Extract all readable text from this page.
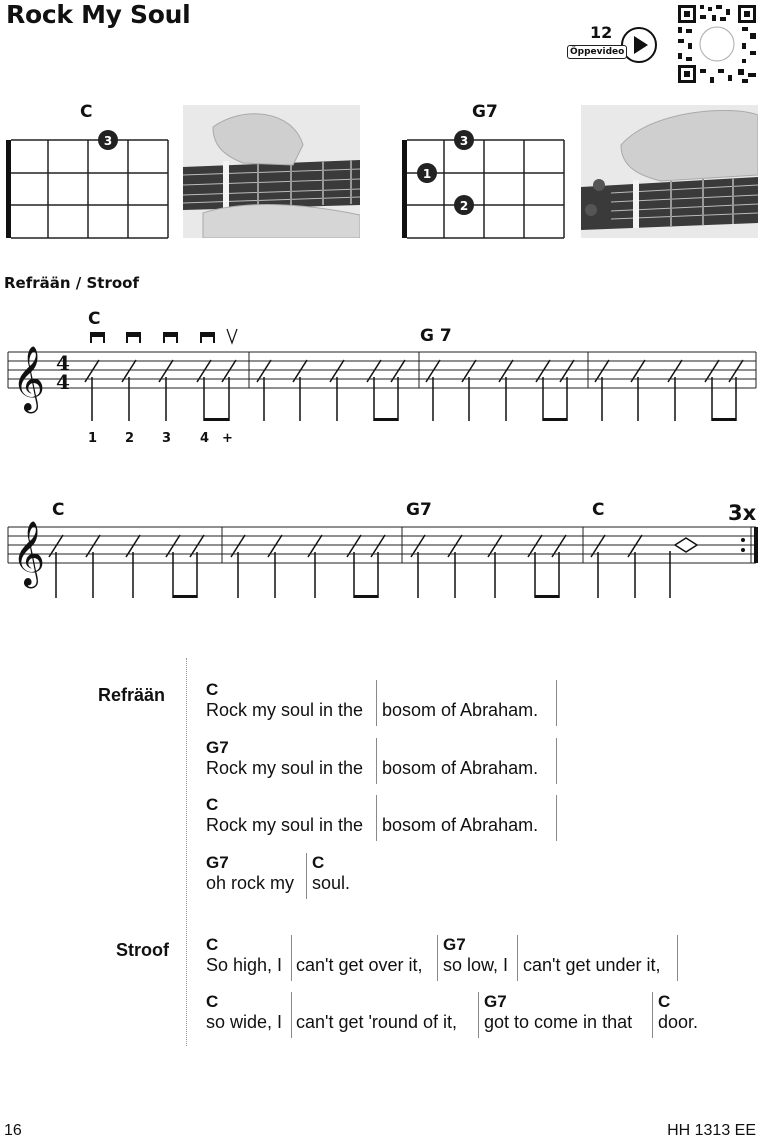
Rock My Soul
12
Öppevideo
C
3
G7
3
1
2
Refrään / Stroof
C
G 7
𝄞 4
4
1 2 3 4 +
C	G7	C	3x
𝄞
Refrään
Stroof
C
Rock my soul in the bosom of Abraham.
G7
Rock my soul in the bosom of Abraham.
C
Rock my soul in the bosom of Abraham.
G7
oh rock my
C
soul.
C
So high, I can't get over it,
G7
so low, I can't get under it,
C
so wide, I can't get 'round of it,
G7
got to come in that
C
door.
16	HH 1313 EE
